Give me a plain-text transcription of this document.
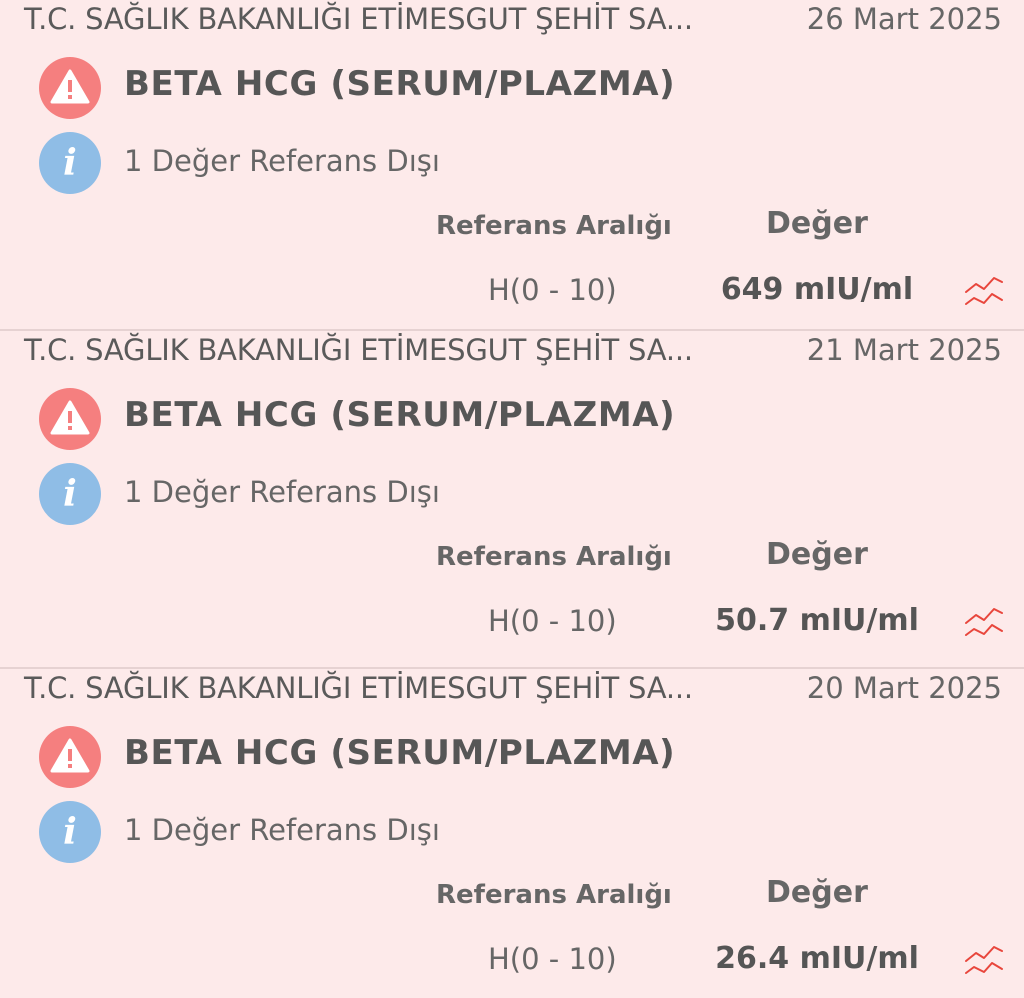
T.C. SAĞLIK BAKANLIĞI ETİMESGUT ŞEHİT SA...	26 Mart 2025
BETA HCG (SERUM/PLAZMA)
i	1 Değer Referans Dışı
Referans Aralığı	Değer
H(0 - 10)	649 mIU/ml
T.C. SAĞLIK BAKANLIĞI ETİMESGUT ŞEHİT SA...	21 Mart 2025
BETA HCG (SERUM/PLAZMA)
i	1 Değer Referans Dışı
Referans Aralığı	Değer
H(0 - 10)	50.7 mIU/ml
T.C. SAĞLIK BAKANLIĞI ETİMESGUT ŞEHİT SA...	20 Mart 2025
BETA HCG (SERUM/PLAZMA)
i	1 Değer Referans Dışı
Referans Aralığı	Değer
H(0 - 10)	26.4 mIU/ml
